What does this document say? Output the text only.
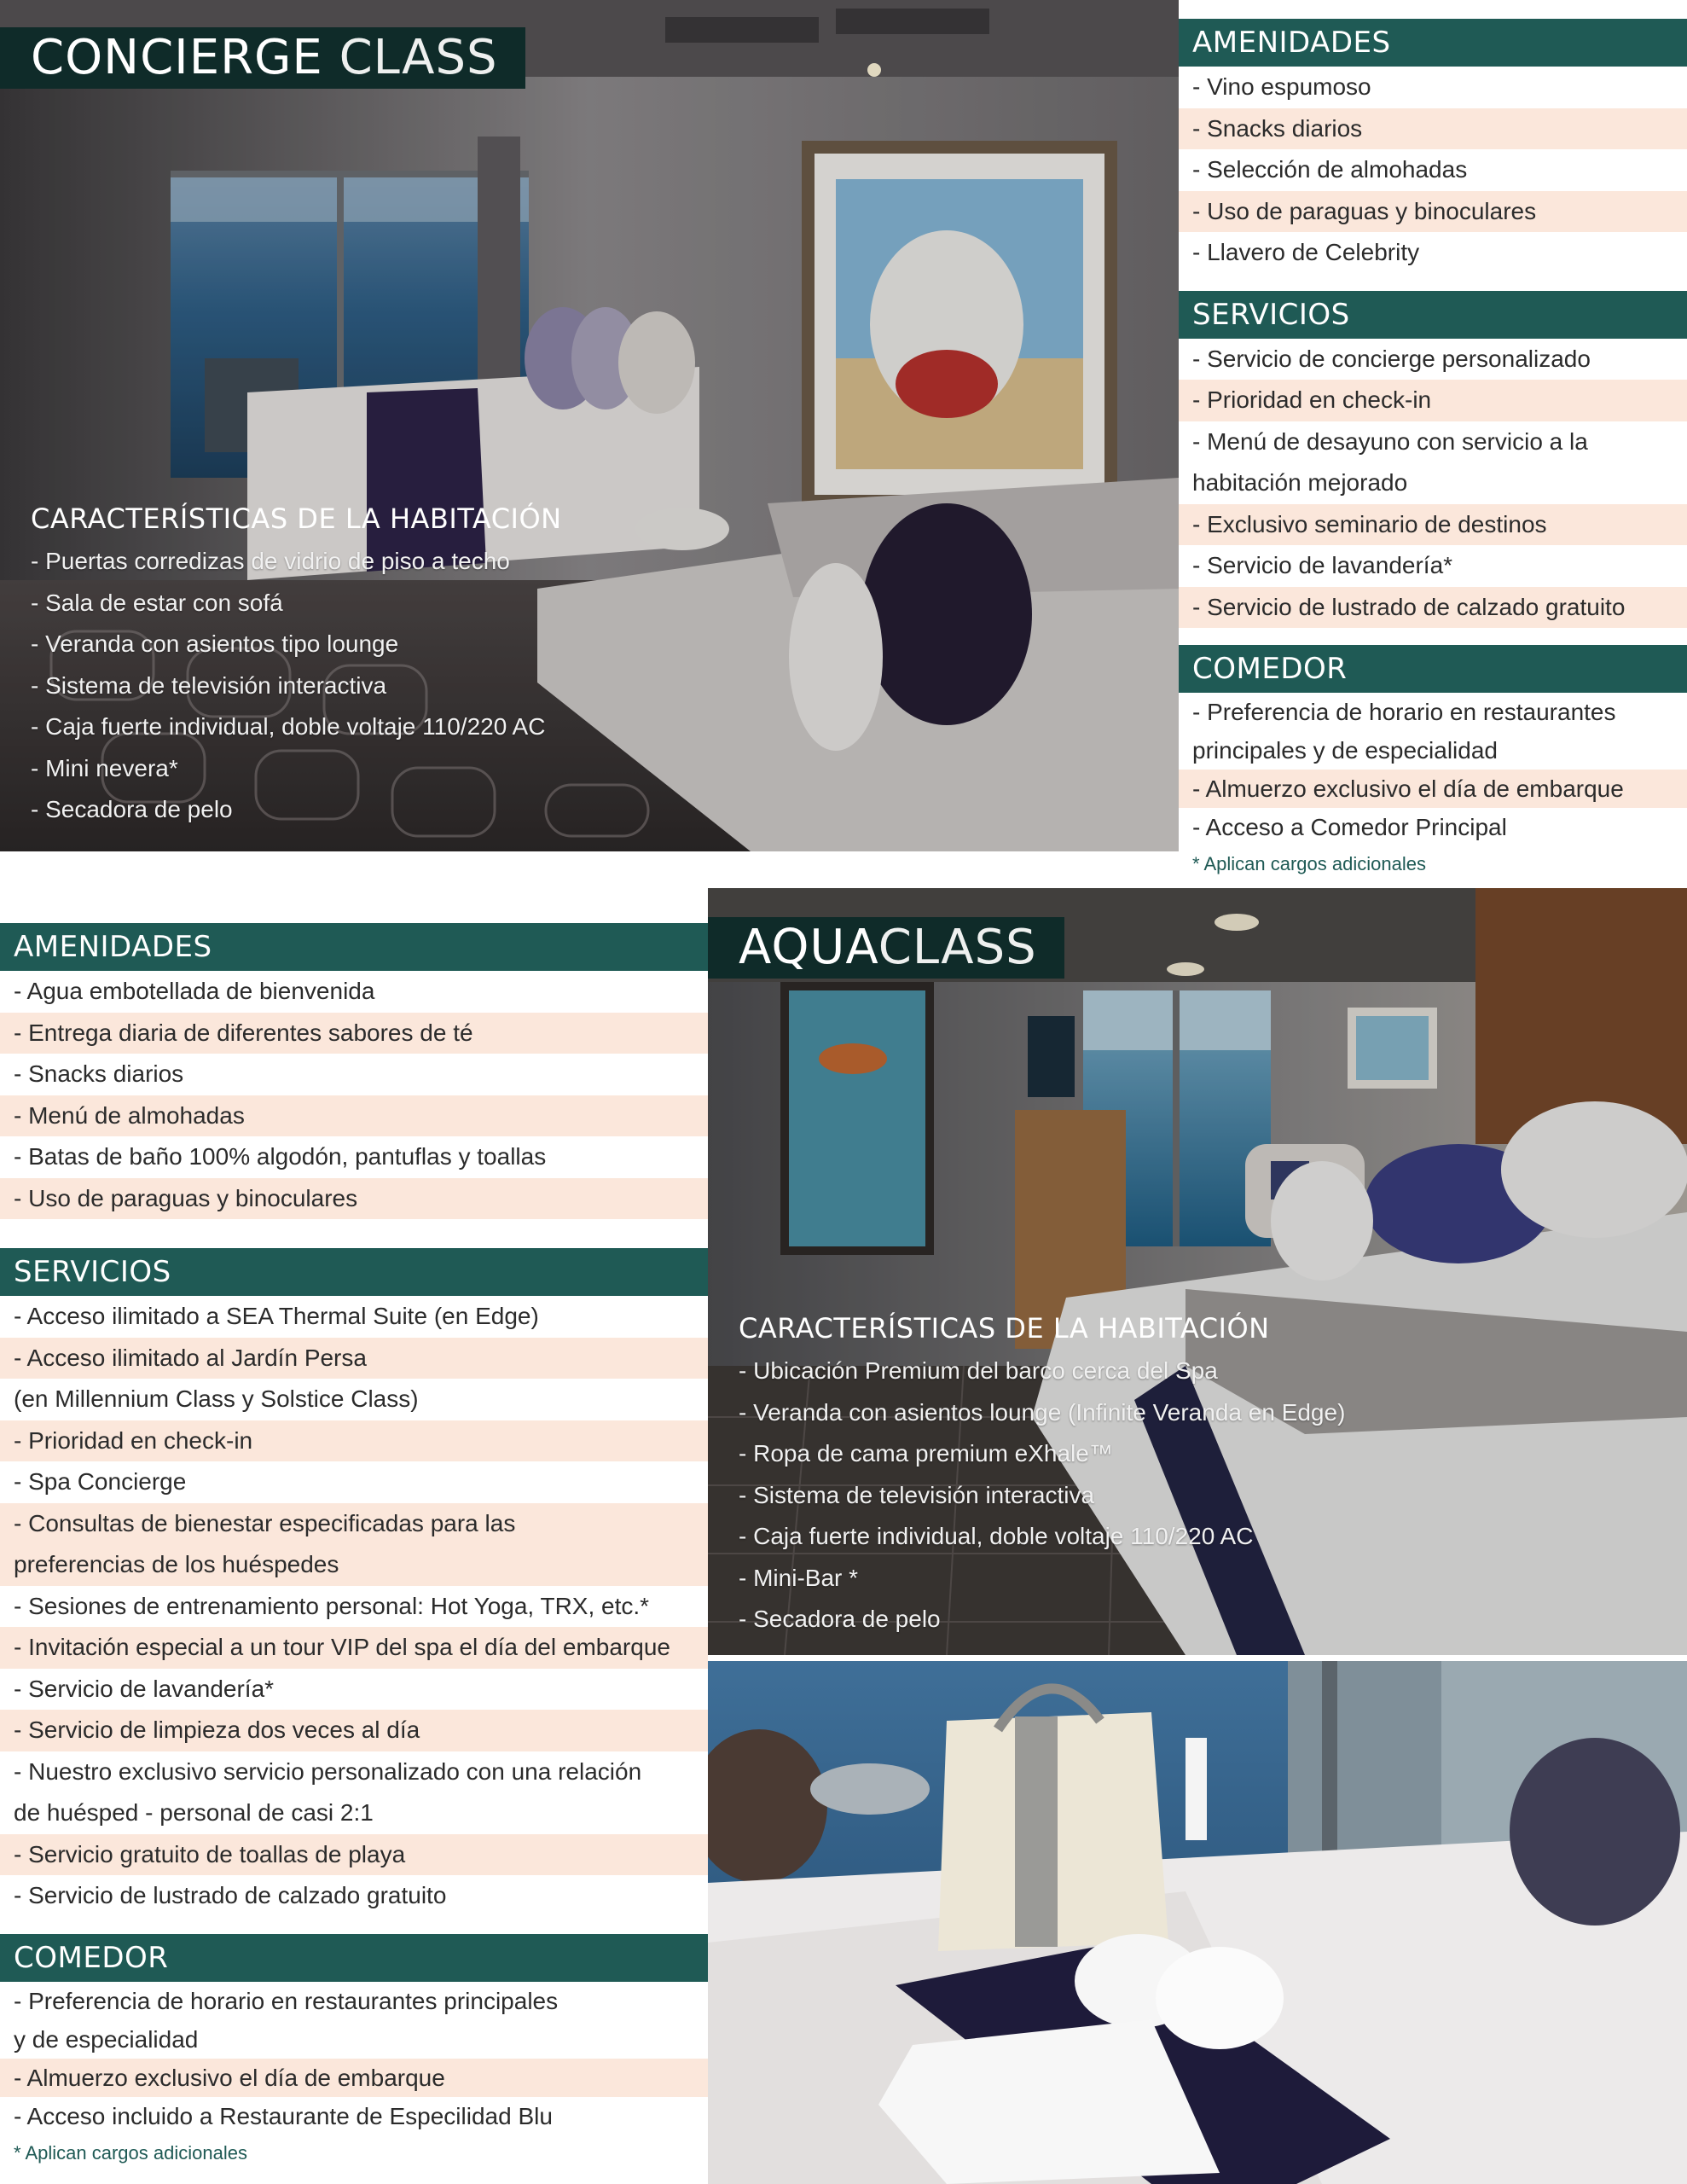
CONCIERGE CLASS
CARACTERÍSTICAS DE LA HABITACIÓN
- Puertas corredizas de vidrio de piso a techo
- Sala de estar con sofá
- Veranda con asientos tipo lounge
- Sistema de televisión interactiva
- Caja fuerte individual, doble voltaje 110/220 AC
- Mini nevera*
- Secadora de pelo
AMENIDADES
- Vino espumoso
- Snacks diarios
- Selección de almohadas
- Uso de paraguas y binoculares
- Llavero de Celebrity
SERVICIOS
- Servicio de concierge personalizado
- Prioridad en check-in
- Menú de desayuno con servicio a la
habitación mejorado
- Exclusivo seminario de destinos
- Servicio de lavandería*
- Servicio de lustrado de calzado gratuito
COMEDOR
- Preferencia de horario en restaurantes
principales y de especialidad
- Almuerzo exclusivo el día de embarque
- Acceso a Comedor Principal
* Aplican cargos adicionales
AMENIDADES
- Agua embotellada de bienvenida
- Entrega diaria de diferentes sabores de té
- Snacks diarios
- Menú de almohadas
- Batas de baño 100% algodón, pantuflas y toallas
- Uso de paraguas y binoculares
SERVICIOS
- Acceso ilimitado a SEA Thermal Suite (en Edge)
- Acceso ilimitado al Jardín Persa
(en Millennium Class y Solstice Class)
- Prioridad en check-in
- Spa Concierge
- Consultas de bienestar especificadas para las
preferencias de los huéspedes
- Sesiones de entrenamiento personal: Hot Yoga, TRX, etc.*
- Invitación especial a un tour VIP del spa el día del embarque
- Servicio de lavandería*
- Servicio de limpieza dos veces al día
- Nuestro exclusivo servicio personalizado con una relación
de huésped - personal de casi 2:1
- Servicio gratuito de toallas de playa
- Servicio de lustrado de calzado gratuito
COMEDOR
- Preferencia de horario en restaurantes principales
y de especialidad
- Almuerzo exclusivo el día de embarque
- Acceso incluido a Restaurante de Especilidad Blu
* Aplican cargos adicionales
AQUACLASS
CARACTERÍSTICAS DE LA HABITACIÓN
- Ubicación Premium del barco cerca del Spa
- Veranda con asientos lounge (Infinite Veranda en Edge)
- Ropa de cama premium eXhale™
- Sistema de televisión interactiva
- Caja fuerte individual, doble voltaje 110/220 AC
- Mini-Bar *
- Secadora de pelo
